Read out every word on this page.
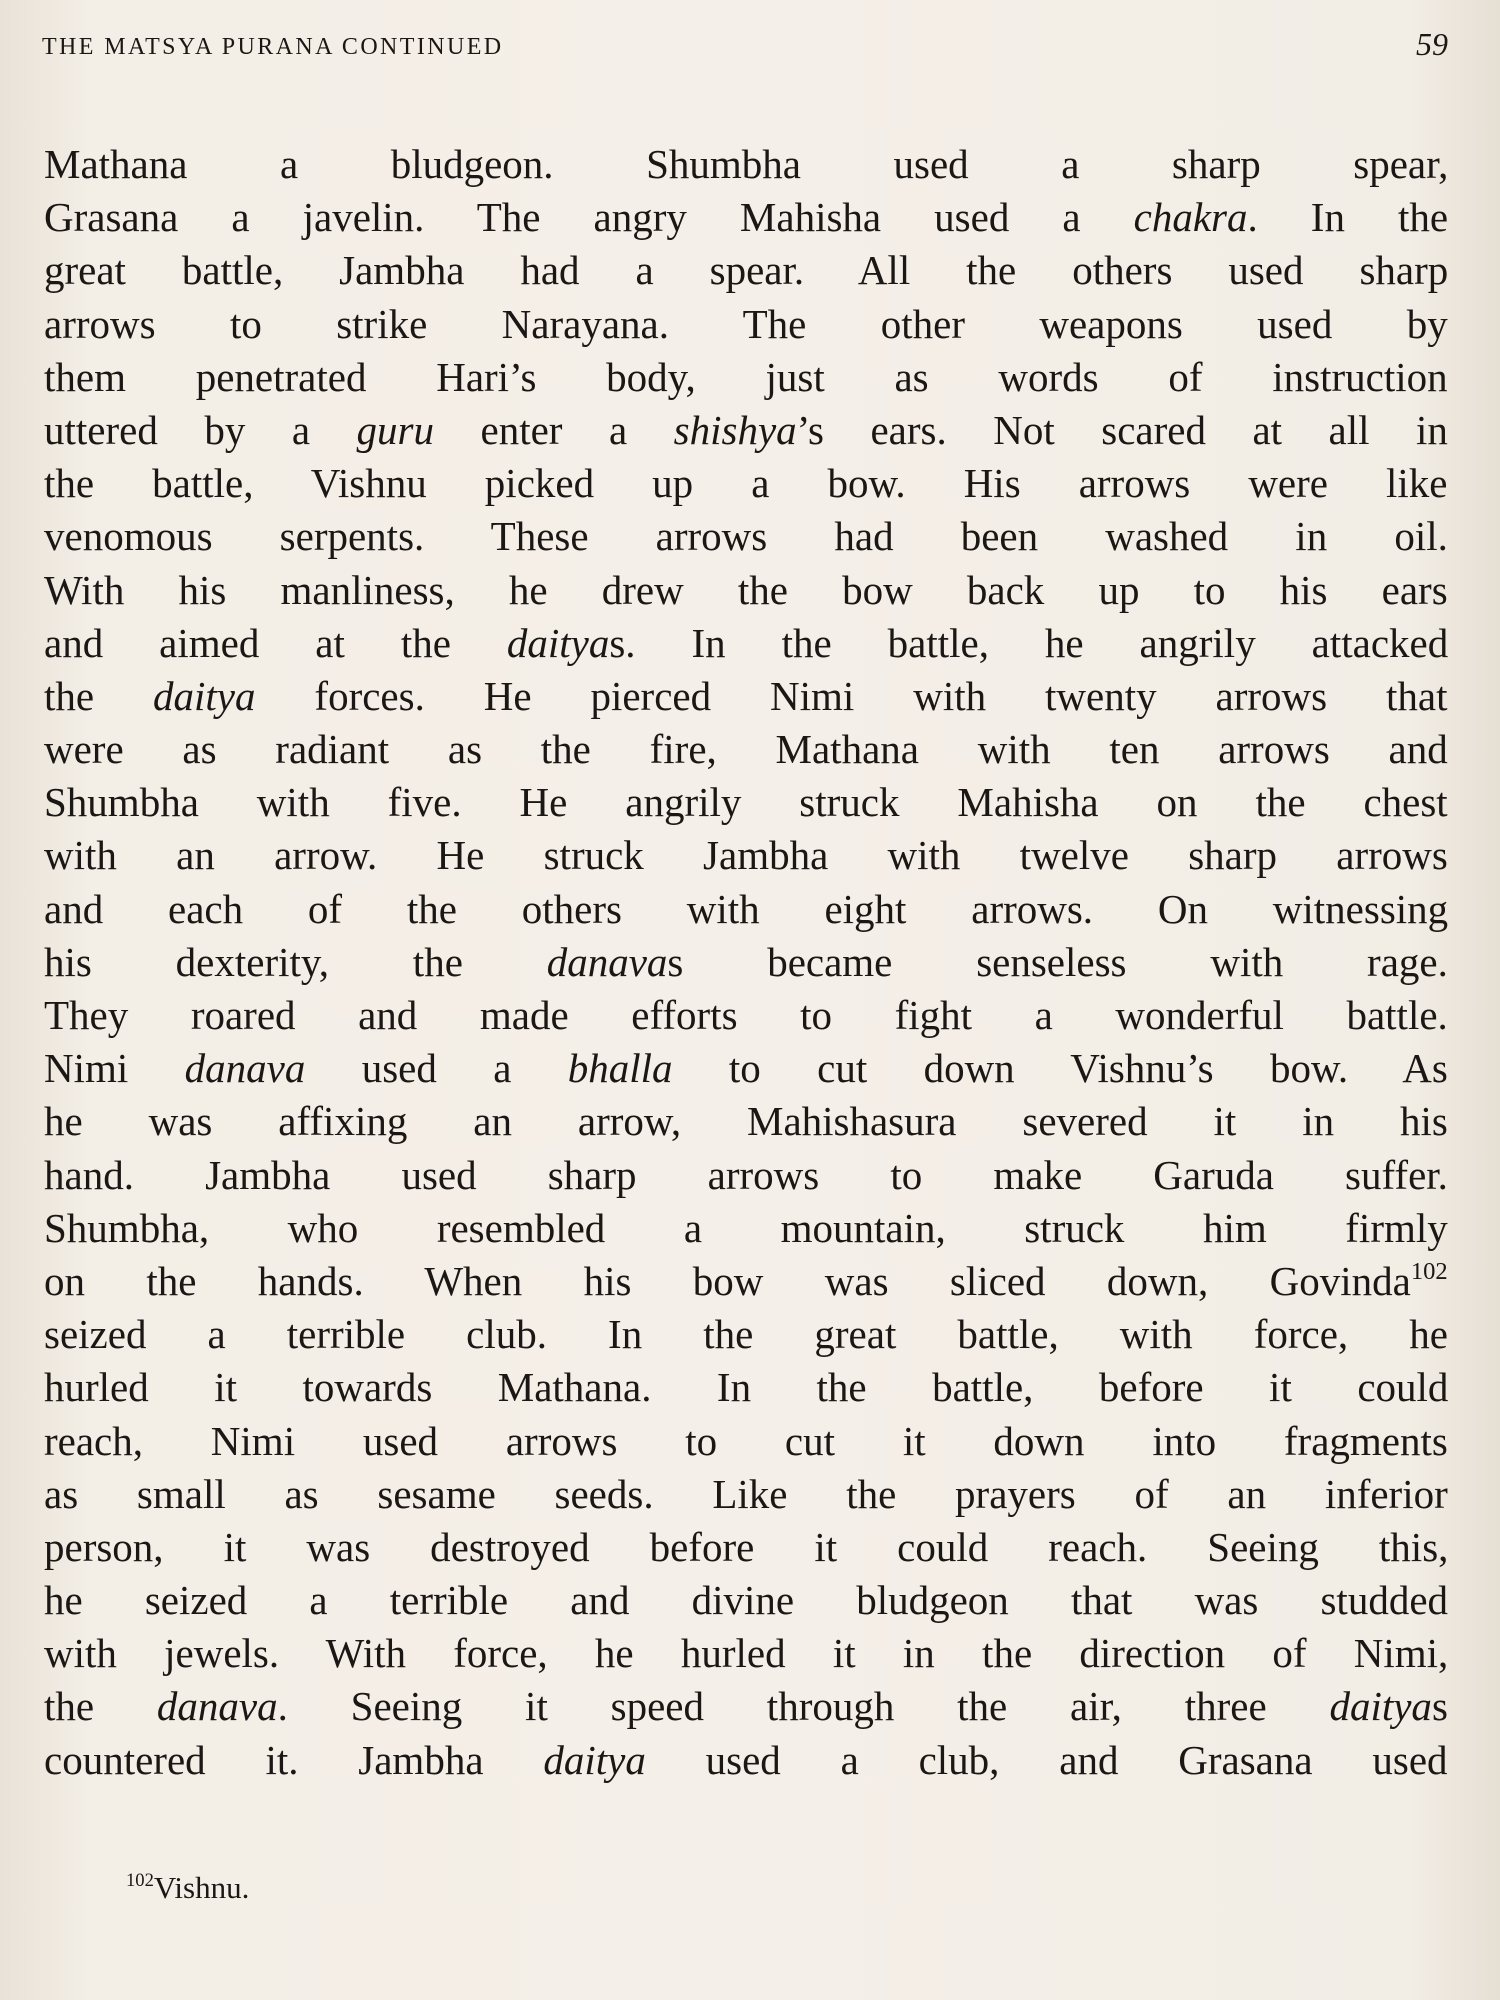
THE MATSYA PURANA CONTINUED	59
Mathana a bludgeon. Shumbha used a sharp spear,
Grasana a javelin. The angry Mahisha used a chakra. In the
great battle, Jambha had a spear. All the others used sharp
arrows to strike Narayana. The other weapons used by
them penetrated Hari’s body, just as words of instruction
uttered by a guru enter a shishya’s ears. Not scared at all in
the battle, Vishnu picked up a bow. His arrows were like
venomous serpents. These arrows had been washed in oil.
With his manliness, he drew the bow back up to his ears
and aimed at the daityas. In the battle, he angrily attacked
the daitya forces. He pierced Nimi with twenty arrows that
were as radiant as the fire, Mathana with ten arrows and
Shumbha with five. He angrily struck Mahisha on the chest
with an arrow. He struck Jambha with twelve sharp arrows
and each of the others with eight arrows. On witnessing
his dexterity, the danavas became senseless with rage.
They roared and made efforts to fight a wonderful battle.
Nimi danava used a bhalla to cut down Vishnu’s bow. As
he was affixing an arrow, Mahishasura severed it in his
hand. Jambha used sharp arrows to make Garuda suffer.
Shumbha, who resembled a mountain, struck him firmly
on the hands. When his bow was sliced down, Govinda$^{102}$
seized a terrible club. In the great battle, with force, he
hurled it towards Mathana. In the battle, before it could
reach, Nimi used arrows to cut it down into fragments
as small as sesame seeds. Like the prayers of an inferior
person, it was destroyed before it could reach. Seeing this,
he seized a terrible and divine bludgeon that was studded
with jewels. With force, he hurled it in the direction of Nimi,
the danava. Seeing it speed through the air, three daityas
countered it. Jambha daitya used a club, and Grasana used
$^{102}$Vishnu.
